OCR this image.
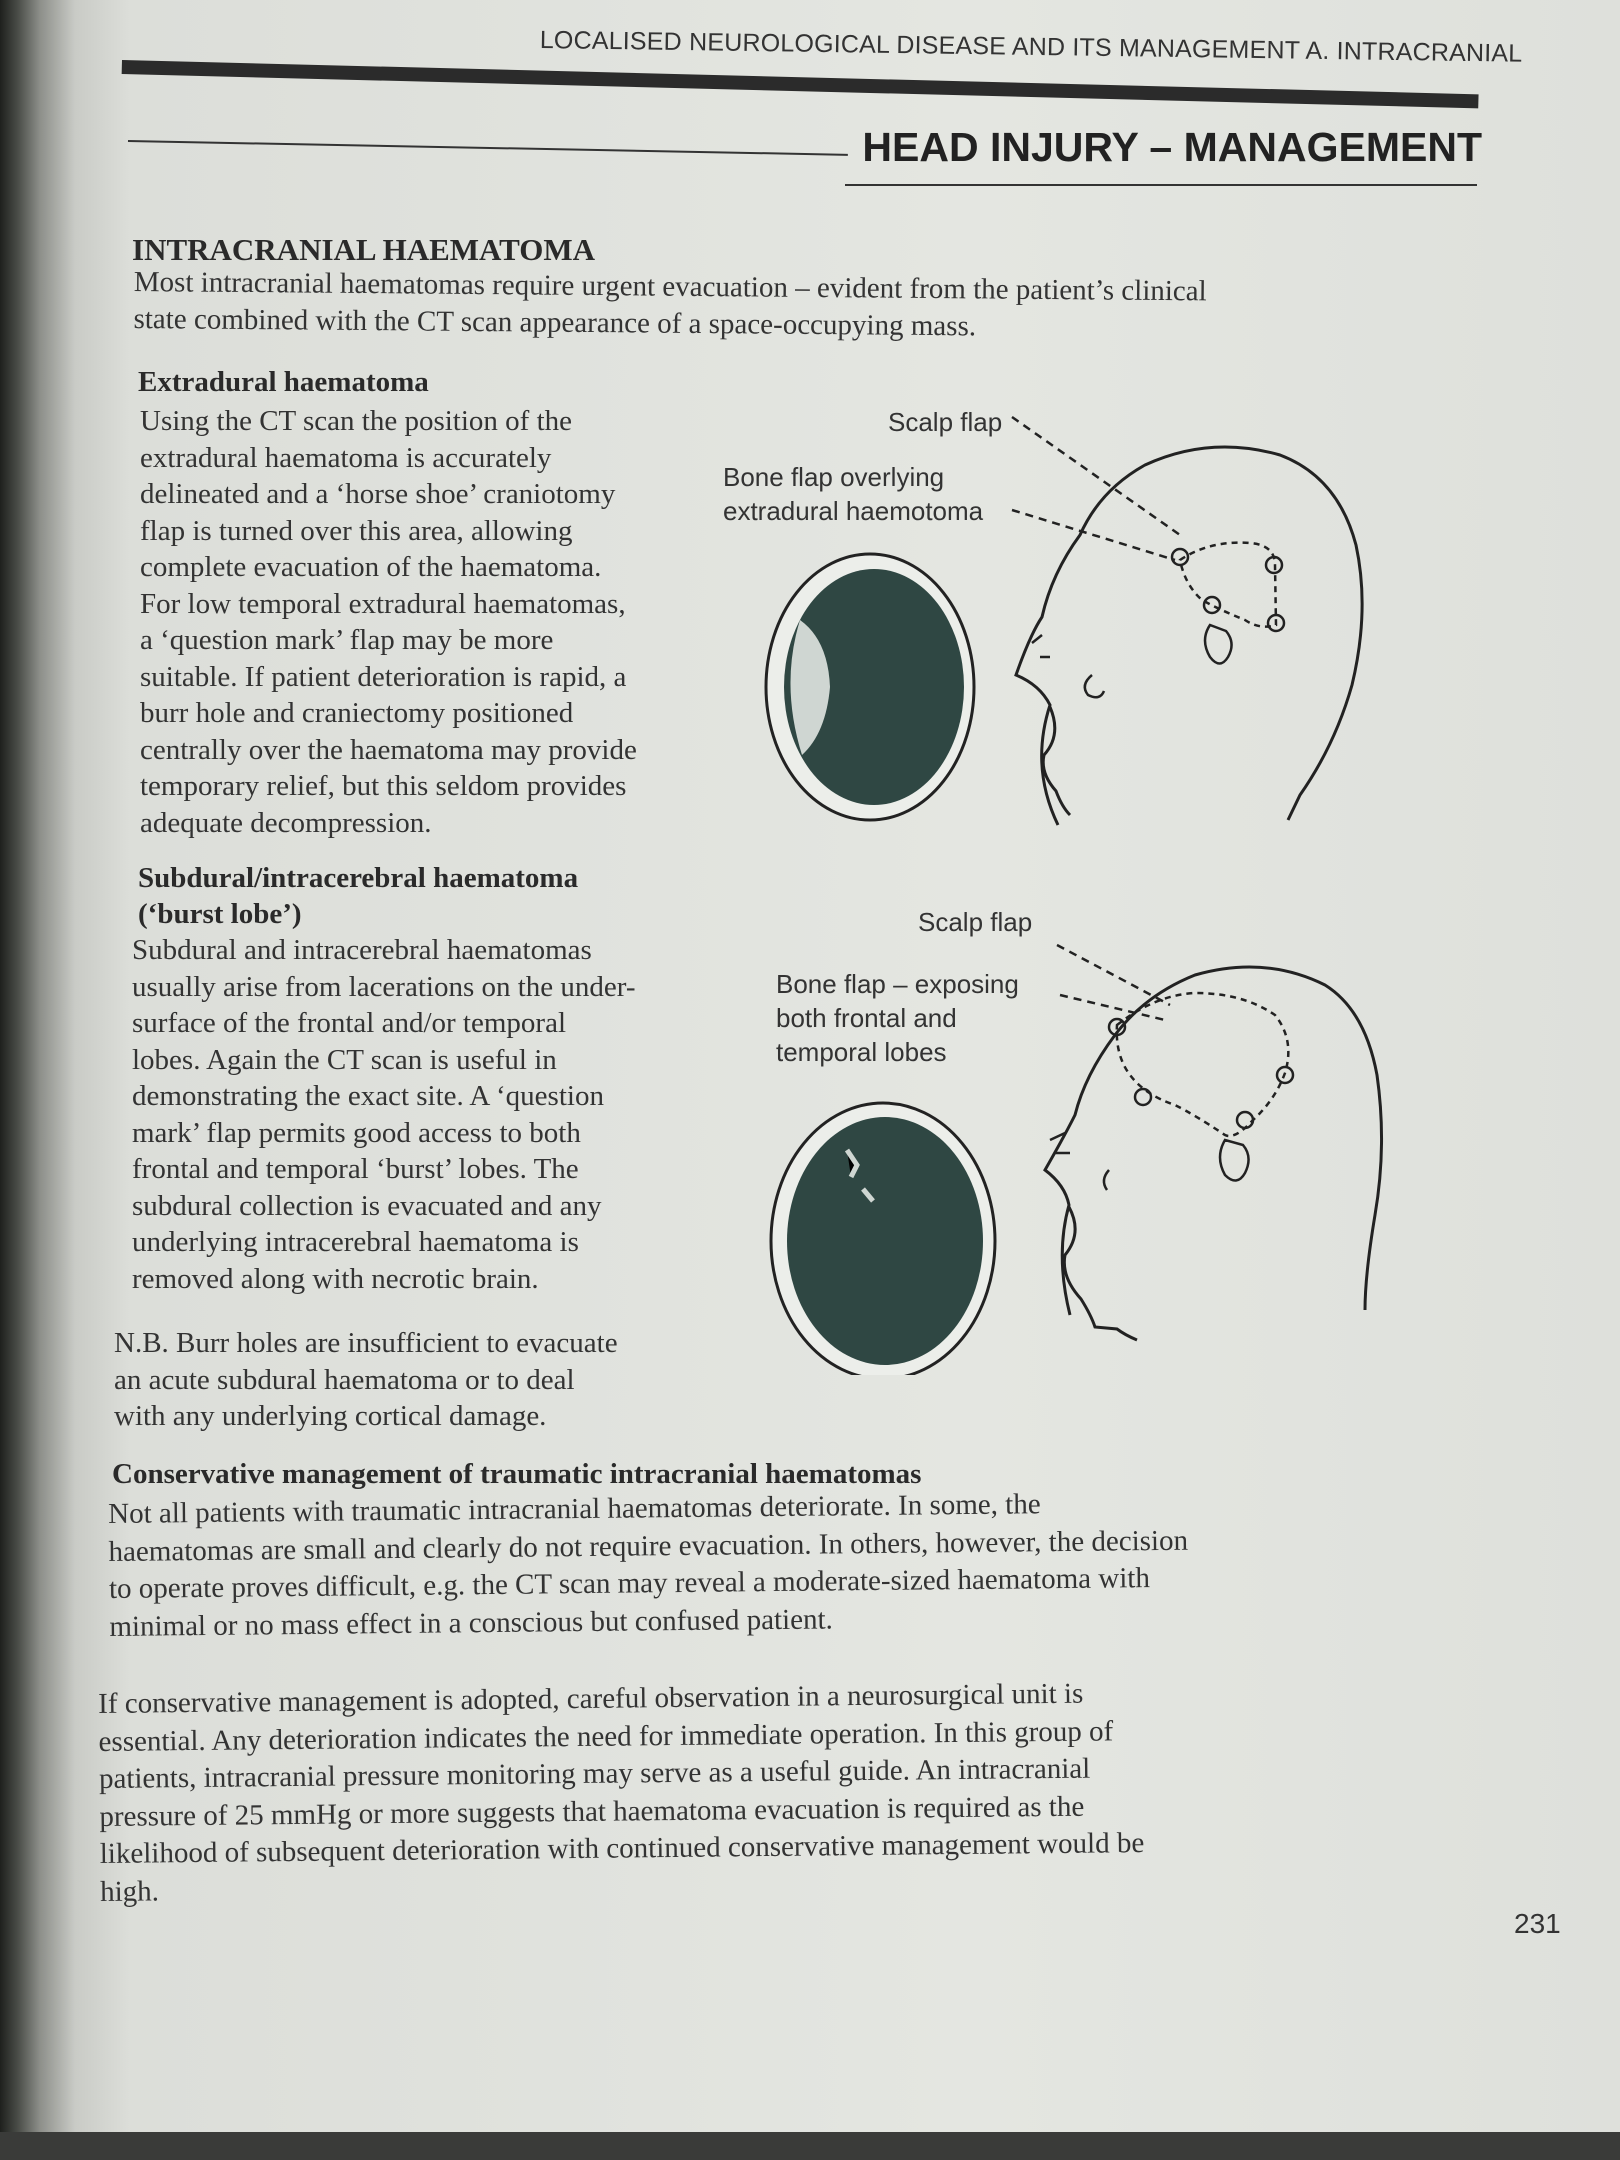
LOCALISED NEUROLOGICAL DISEASE AND ITS MANAGEMENT A. INTRACRANIAL
HEAD INJURY – MANAGEMENT
INTRACRANIAL HAEMATOMA
Most intracranial haematomas require urgent evacuation – evident from the patient’s clinical
state combined with the CT scan appearance of a space-occupying mass.
Extradural haematoma
Using the CT scan the position of the
extradural haematoma is accurately
delineated and a ‘horse shoe’ craniotomy
flap is turned over this area, allowing
complete evacuation of the haematoma.
For low temporal extradural haematomas,
a ‘question mark’ flap may be more
suitable. If patient deterioration is rapid, a
burr hole and craniectomy positioned
centrally over the haematoma may provide
temporary relief, but this seldom provides
adequate decompression.
Scalp flap
Bone flap overlying
extradural haemotoma
Subdural/intracerebral haematoma
(‘burst lobe’)
Subdural and intracerebral haematomas
usually arise from lacerations on the under-
surface of the frontal and/or temporal
lobes. Again the CT scan is useful in
demonstrating the exact site. A ‘question
mark’ flap permits good access to both
frontal and temporal ‘burst’ lobes. The
subdural collection is evacuated and any
underlying intracerebral haematoma is
removed along with necrotic brain.
N.B. Burr holes are insufficient to evacuate
an acute subdural haematoma or to deal
with any underlying cortical damage.
Scalp flap
Bone flap – exposing
both frontal and
temporal lobes
Conservative management of traumatic intracranial haematomas
Not all patients with traumatic intracranial haematomas deteriorate. In some, the
haematomas are small and clearly do not require evacuation. In others, however, the decision
to operate proves difficult, e.g. the CT scan may reveal a moderate-sized haematoma with
minimal or no mass effect in a conscious but confused patient.
If conservative management is adopted, careful observation in a neurosurgical unit is
essential. Any deterioration indicates the need for immediate operation. In this group of
patients, intracranial pressure monitoring may serve as a useful guide. An intracranial
pressure of 25 mmHg or more suggests that haematoma evacuation is required as the
likelihood of subsequent deterioration with continued conservative management would be
high.
231
